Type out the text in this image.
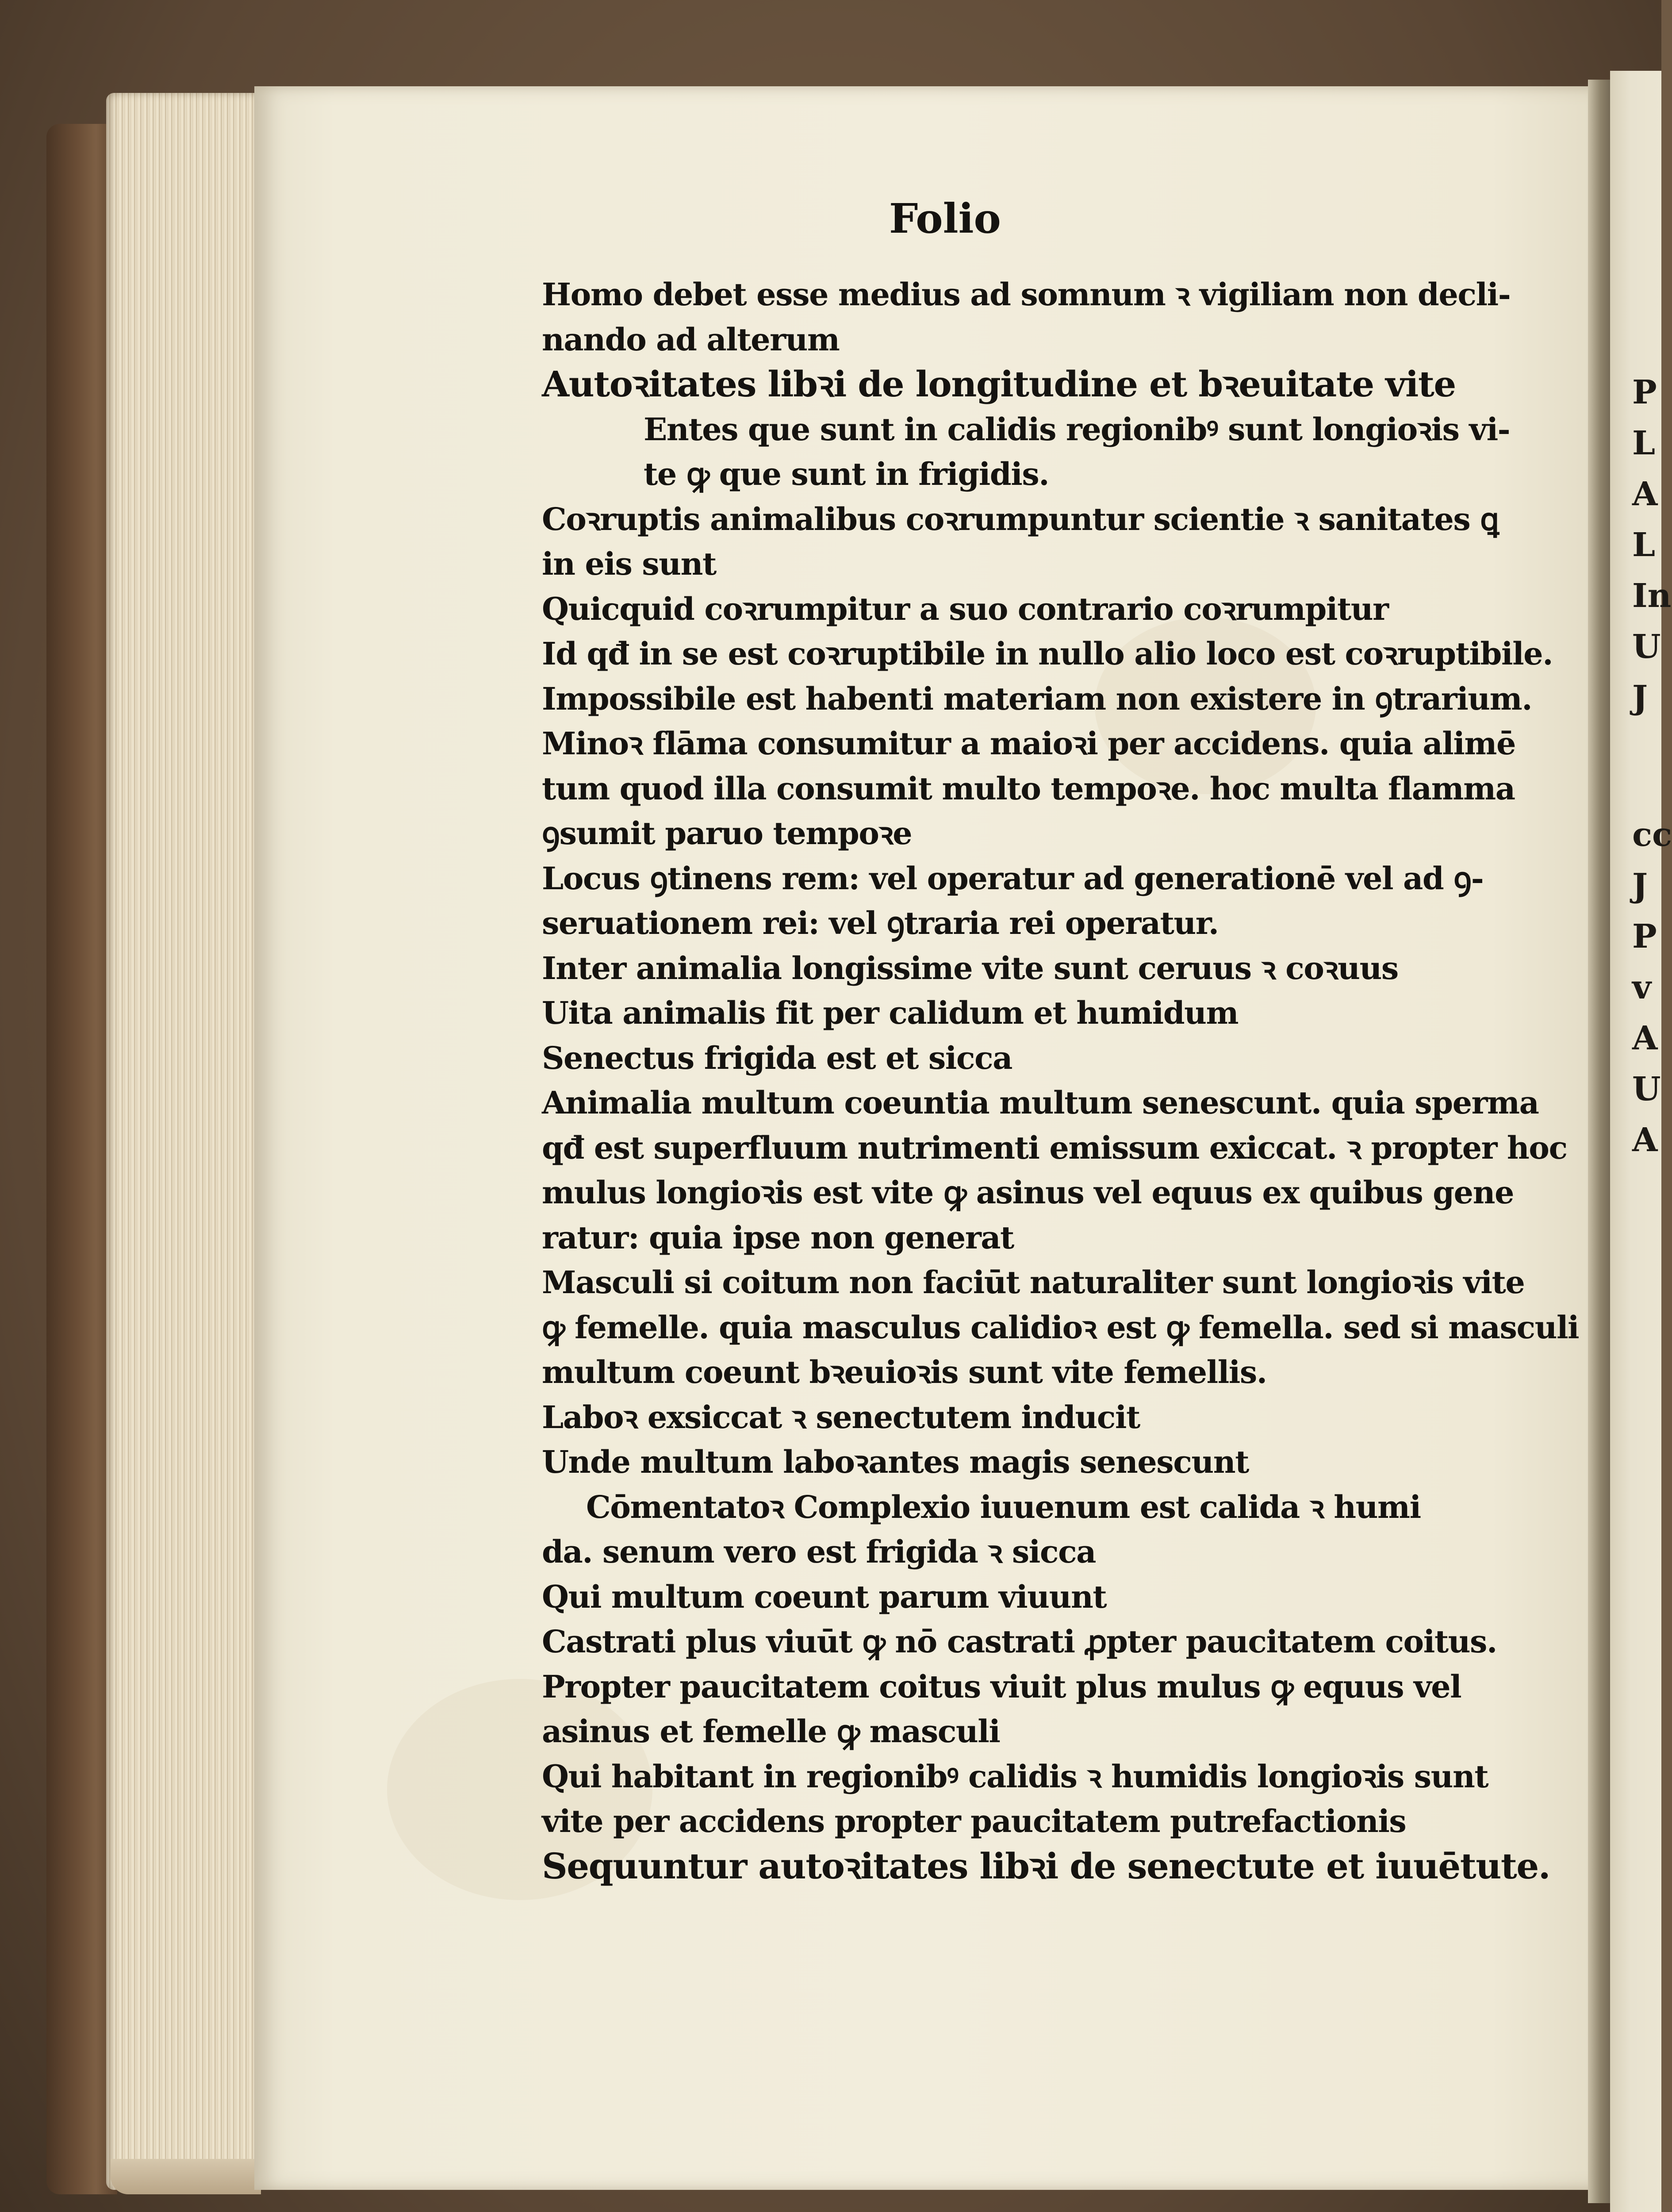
P
L
A
L
In
U
J
cc
J
P
v
A
U
A
Folio
Homo debet esse medius ad somnum ꝛ vigiliam non decli-
nando ad alterum
Autoꝛitates libꝛi de longitudine et bꝛeuitate vite
Entes que sunt in calidis regionibꝰ sunt longioꝛis vi-
te ꝙ que sunt in frigidis.
Coꝛruptis animalibus coꝛrumpuntur scientie ꝛ sanitates ꝗ
in eis sunt
Quicquid coꝛrumpitur a suo contrario coꝛrumpitur
Id qđ in se est coꝛruptibile in nullo alio loco est coꝛruptibile.
Impossibile est habenti materiam non existere in ꝯtrarium.
Minoꝛ flāma consumitur a maioꝛi per accidens. quia alimē
tum quod illa consumit multo tempoꝛe. hoc multa flamma
ꝯsumit paruo tempoꝛe
Locus ꝯtinens rem: vel operatur ad generationē vel ad ꝯ-
seruationem rei: vel ꝯtraria rei operatur.
Inter animalia longissime vite sunt ceruus ꝛ coꝛuus
Uita animalis fit per calidum et humidum
Senectus frigida est et sicca
Animalia multum coeuntia multum senescunt. quia sperma
qđ est superfluum nutrimenti emissum exiccat. ꝛ propter hoc
mulus longioꝛis est vite ꝙ asinus vel equus ex quibus gene
ratur: quia ipse non generat
Masculi si coitum non faciūt naturaliter sunt longioꝛis vite
ꝙ femelle. quia masculus calidioꝛ est ꝙ femella. sed si masculi
multum coeunt bꝛeuioꝛis sunt vite femellis.
Laboꝛ exsiccat ꝛ senectutem inducit
Unde multum laboꝛantes magis senescunt
Cōmentatoꝛ Complexio iuuenum est calida ꝛ humi
da. senum vero est frigida ꝛ sicca
Qui multum coeunt parum viuunt
Castrati plus viuūt ꝙ nō castrati ꝓpter paucitatem coitus.
Propter paucitatem coitus viuit plus mulus ꝙ equus vel
asinus et femelle ꝙ masculi
Qui habitant in regionibꝰ calidis ꝛ humidis longioꝛis sunt
vite per accidens propter paucitatem putrefactionis
Sequuntur autoꝛitates libꝛi de senectute et iuuētute.
